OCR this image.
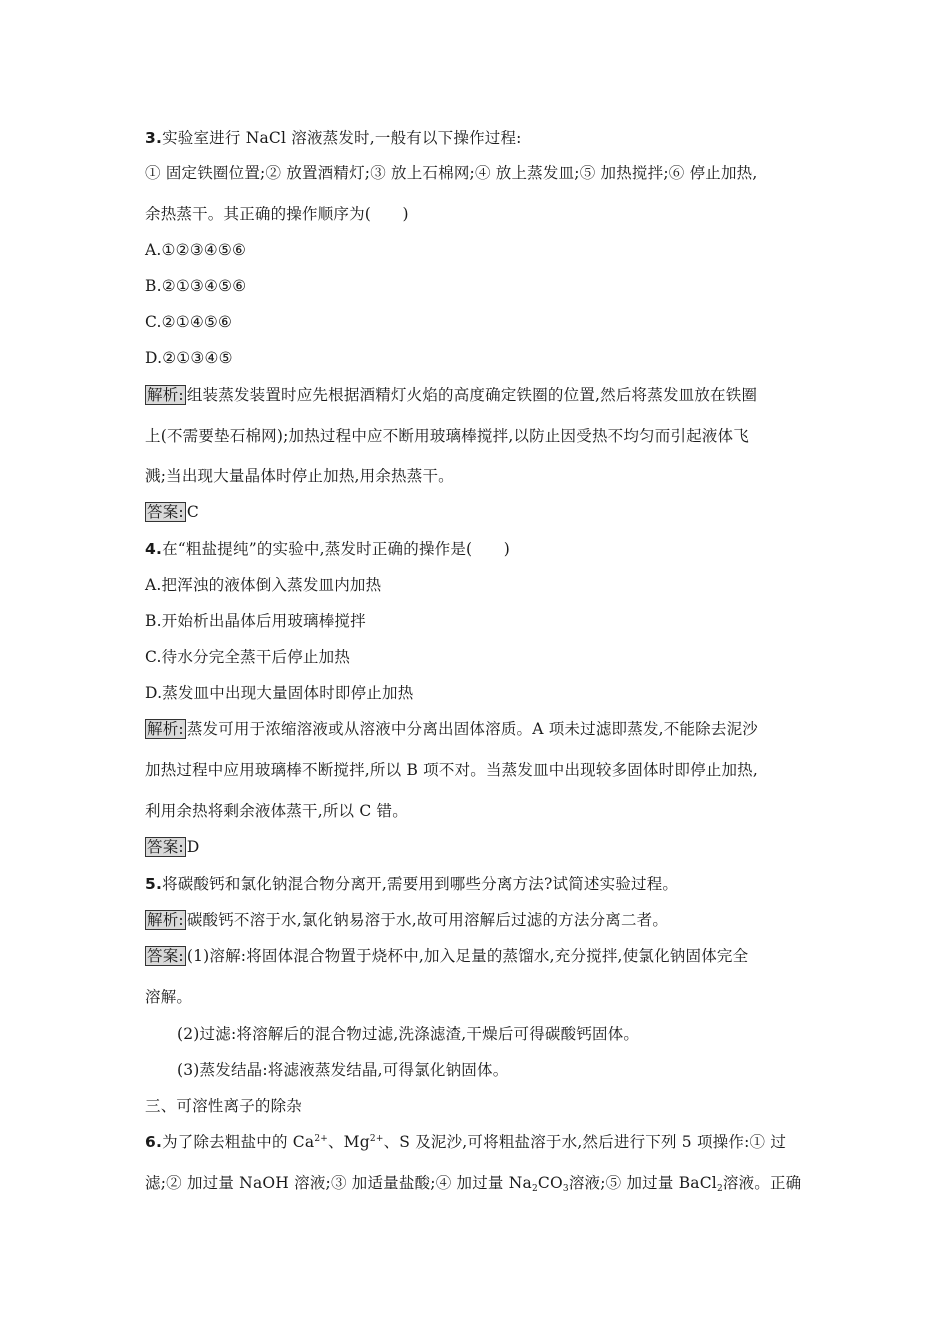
3.实验室进行 NaCl 溶液蒸发时,一般有以下操作过程:
① 固定铁圈位置;② 放置酒精灯;③ 放上石棉网;④ 放上蒸发皿;⑤ 加热搅拌;⑥ 停止加热,
余热蒸干。其正确的操作顺序为(　　)
A.①②③④⑤⑥
B.②①③④⑤⑥
C.②①④⑤⑥
D.②①③④⑤
解析: 组装蒸发装置时应先根据酒精灯火焰的高度确定铁圈的位置,然后将蒸发皿放在铁圈
上(不需要垫石棉网);加热过程中应不断用玻璃棒搅拌,以防止因受热不均匀而引起液体飞
溅;当出现大量晶体时停止加热,用余热蒸干。
答案: C
4.在“粗盐提纯”的实验中,蒸发时正确的操作是(　　)
A.把浑浊的液体倒入蒸发皿内加热
B.开始析出晶体后用玻璃棒搅拌
C.待水分完全蒸干后停止加热
D.蒸发皿中出现大量固体时即停止加热
解析: 蒸发可用于浓缩溶液或从溶液中分离出固体溶质。A 项未过滤即蒸发,不能除去泥沙
加热过程中应用玻璃棒不断搅拌,所以 B 项不对。当蒸发皿中出现较多固体时即停止加热,
利用余热将剩余液体蒸干,所以 C 错。
答案: D
5.将碳酸钙和氯化钠混合物分离开,需要用到哪些分离方法?试简述实验过程。
解析: 碳酸钙不溶于水,氯化钠易溶于水,故可用溶解后过滤的方法分离二者。
答案: (1)溶解:将固体混合物置于烧杯中,加入足量的蒸馏水,充分搅拌,使氯化钠固体完全
溶解。
(2)过滤:将溶解后的混合物过滤,洗涤滤渣,干燥后可得碳酸钙固体。
(3)蒸发结晶:将滤液蒸发结晶,可得氯化钠固体。
三、可溶性离子的除杂
6.为了除去粗盐中的 $Ca^{2+}$、$Mg^{2+}$、S 及泥沙,可将粗盐溶于水,然后进行下列 5 项操作:① 过
滤;② 加过量 NaOH 溶液;③ 加适量盐酸;④ 加过量 $Na_2CO_3$溶液;⑤ 加过量 BaCl$_2$溶液。正确
